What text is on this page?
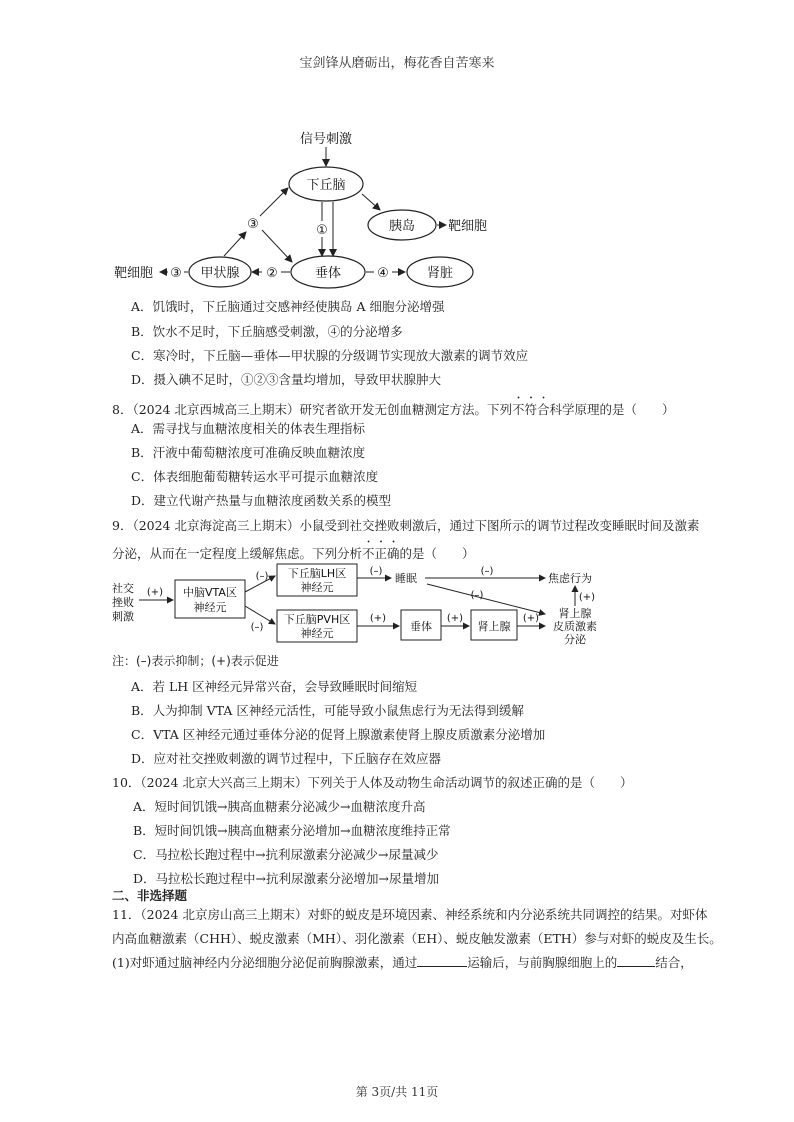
宝剑锋从磨砺出，梅花香自苦寒来
信号刺激
下丘脑
胰岛	靶细胞
①
垂体	④	肾脏
②
甲状腺
③
靶细胞
③
A．饥饿时，下丘脑通过交感神经使胰岛 A 细胞分泌增强
B．饮水不足时，下丘脑感受刺激，④的分泌增多
C．寒冷时，下丘脑—垂体—甲状腺的分级调节实现放大激素的调节效应
D．摄入碘不足时，①②③含量均增加，导致甲状腺肿大
8．（2024 北京西城高三上期末）研究者欲开发无创血糖测定方法。下列不符合科学原理的是（　　）
A．需寻找与血糖浓度相关的体表生理指标
B．汗液中葡萄糖浓度可准确反映血糖浓度
C．体表细胞葡萄糖转运水平可提示血糖浓度
D．建立代谢产热量与血糖浓度函数关系的模型
9．（2024 北京海淀高三上期末）小鼠受到社交挫败刺激后，通过下图所示的调节过程改变睡眠时间及激素
分泌，从而在一定程度上缓解焦虑。下列分析不正确的是（　　）
社交
挫败
刺激
(+) 中脑VTA区
神经元
(–)
(–)
下丘脑LH区
神经元
下丘脑PVH区
神经元
(–)
睡眠
(–)
焦虑行为
(–)	(+)
(+)
垂体
(+)
肾上腺
(+) 肾上腺
皮质激素
分泌
注：(–)表示抑制；(+)表示促进
A．若 LH 区神经元异常兴奋，会导致睡眠时间缩短
B．人为抑制 VTA 区神经元活性，可能导致小鼠焦虑行为无法得到缓解
C．VTA 区神经元通过垂体分泌的促肾上腺激素使肾上腺皮质激素分泌增加
D．应对社交挫败刺激的调节过程中，下丘脑存在效应器
10．（2024 北京大兴高三上期末）下列关于人体及动物生命活动调节的叙述正确的是（　　）
A．短时间饥饿→胰高血糖素分泌减少→血糖浓度升高
B．短时间饥饿→胰高血糖素分泌增加→血糖浓度维持正常
C．马拉松长跑过程中→抗利尿激素分泌减少→尿量减少
D．马拉松长跑过程中→抗利尿激素分泌增加→尿量增加
二、非选择题
11．（2024 北京房山高三上期末）对虾的蜕皮是环境因素、神经系统和内分泌系统共同调控的结果。对虾体
内高血糖激素（CHH）、蜕皮激素（MH）、羽化激素（EH）、蜕皮触发激素（ETH）参与对虾的蜕皮及生长。
(1)对虾通过脑神经内分泌细胞分泌促前胸腺激素，通过	运输后，与前胸腺细胞上的	结合，
第 3页/共 11页
